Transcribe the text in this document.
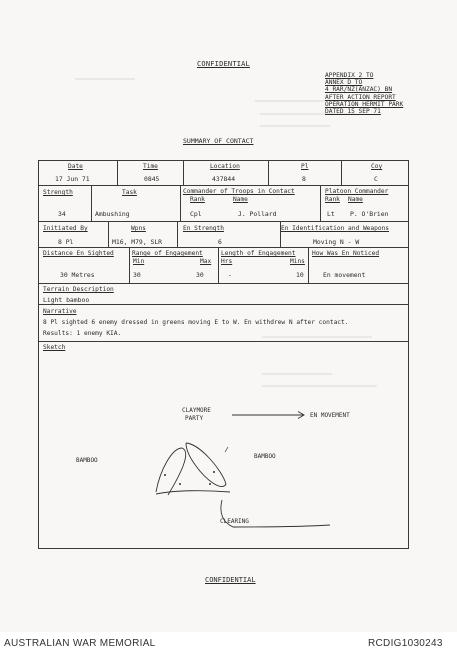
CONFIDENTIAL
APPENDIX 2 TO
ANNEX D TO
4 RAR/NZ(ANZAC) BN
AFTER ACTION REPORT
OPERATION HERMIT PARK
DATED 15 SEP 71
SUMMARY OF CONTACT
Date
17 Jun 71
Time
0845
Location
437844
Pl
8
Coy
C
Strength
34
Task
Ambushing
Commander of Troops in Contact
Rank	Name
Cpl	J. Pollard
Platoon Commander
Rank Name
Lt P. O'Brien
Initiated By
8 Pl
Wpns
M16, M79, SLR
En Strength
6
En Identification and Weapons
Moving N - W
Distance En Sighted
30 Metres
Range of Engagement
Min	Max
30	30
Length of Engagement
Hrs	Mins
-	10
How Was En Noticed
En movement
Terrain Description
Light bamboo
Narrative
8 Pl sighted 6 enemy dressed in greens moving E to W. En withdrew N after contact.
Results: 1 enemy KIA.
Sketch
CLAYMORE
PARTY	EN MOVEMENT
BAMBOO
BAMBOO
CLEARING
CONFIDENTIAL
AUSTRALIAN WAR MEMORIAL	RCDIG1030243
